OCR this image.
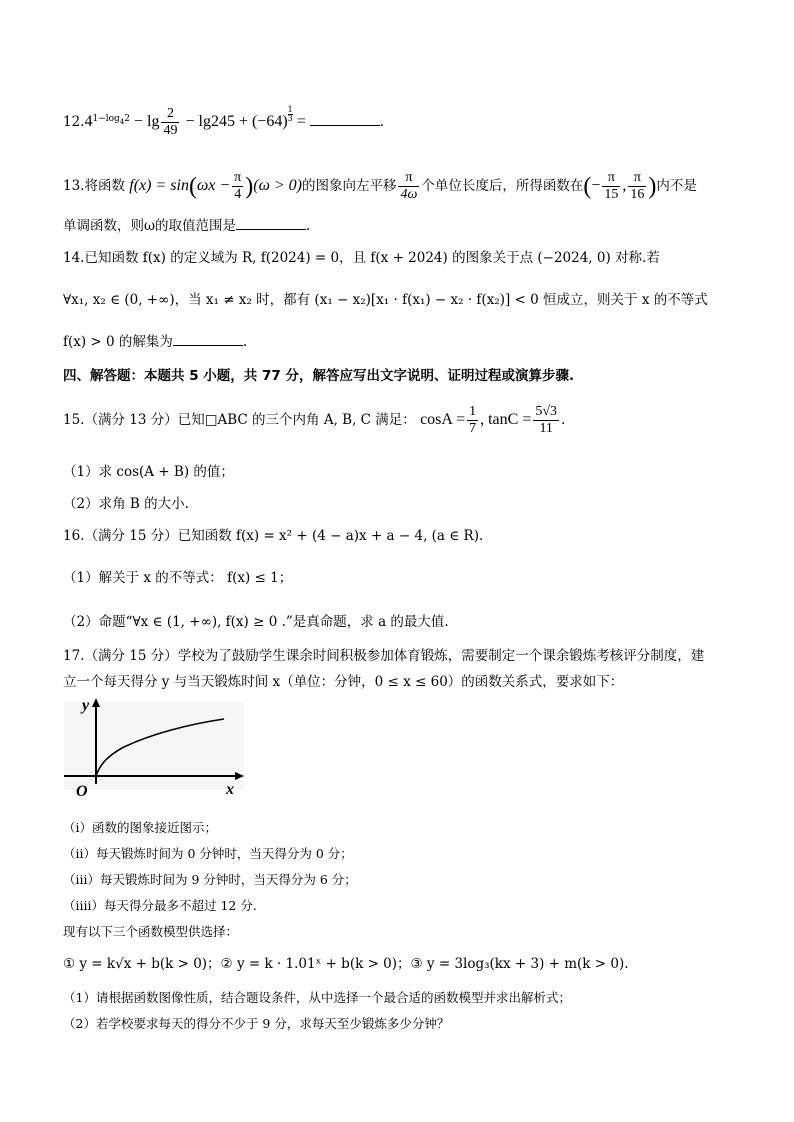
$12.4^{1-log_42} - \lg \frac{2}{49} - \lg 245 + (-64) ^{\frac{1}{3}}$ =	.
13.将函数 $f(x) = \sin(\omega x - \frac{\pi}{4} )(\omega > 0)$的图象向左平移 $\frac{\pi}{4\omega}$ 个单位长度后，所得函数在(− $\frac{\pi}{15}$ , $\frac{\pi}{16}$ )内不是
单调函数，则ω的取值范围是	.
14.已知函数 f(x) 的定义域为 R, f(2024) = 0，且 f(x + 2024) 的图象关于点 (−2024, 0) 对称.若
∀x₁, x₂ ∈ (0, +∞)，当 x₁ ≠ x₂ 时，都有 (x₁ − x₂)[x₁ · f(x₁) − x₂ · f(x₂)] < 0 恒成立，则关于 x 的不等式
f(x) > 0 的解集为	.
四、解答题：本题共 5 小题，共 77 分，解答应写出文字说明、证明过程或演算步骤.
15.（满分 13 分）已知□ABC 的三个内角 A, B, C 满足： $\cos A = \frac{1}{7}$ , $\tan C = \frac{5√3}{11}$ .
（1）求 cos(A + B) 的值；
（2）求角 B 的大小.
16.（满分 15 分）已知函数 f(x) = x² + (4 − a)x + a − 4, (a ∈ R).
（1）解关于 x 的不等式： f(x) ≤ 1；
（2）命题“∀x ∈ (1, +∞), f(x) ≥ 0 .”是真命题，求 a 的最大值.
17.（满分 15 分）学校为了鼓励学生课余时间积极参加体育锻炼，需要制定一个课余锻炼考核评分制度，建
立一个每天得分 y 与当天锻炼时间 x（单位：分钟，0 ≤ x ≤ 60）的函数关系式，要求如下：
y
x
O
（i）函数的图象接近图示；
（ii）每天锻炼时间为 0 分钟时，当天得分为 0 分；
（iii）每天锻炼时间为 9 分钟时，当天得分为 6 分；
（iiii）每天得分最多不超过 12 分.
现有以下三个函数模型供选择：
① y = k√x + b(k > 0)；② y = k · 1.01ˣ + b(k > 0)；③ y = 3log₃(kx + 3) + m(k > 0).
（1）请根据函数图像性质，结合题设条件，从中选择一个最合适的函数模型并求出解析式；
（2）若学校要求每天的得分不少于 9 分，求每天至少锻炼多少分钟？
